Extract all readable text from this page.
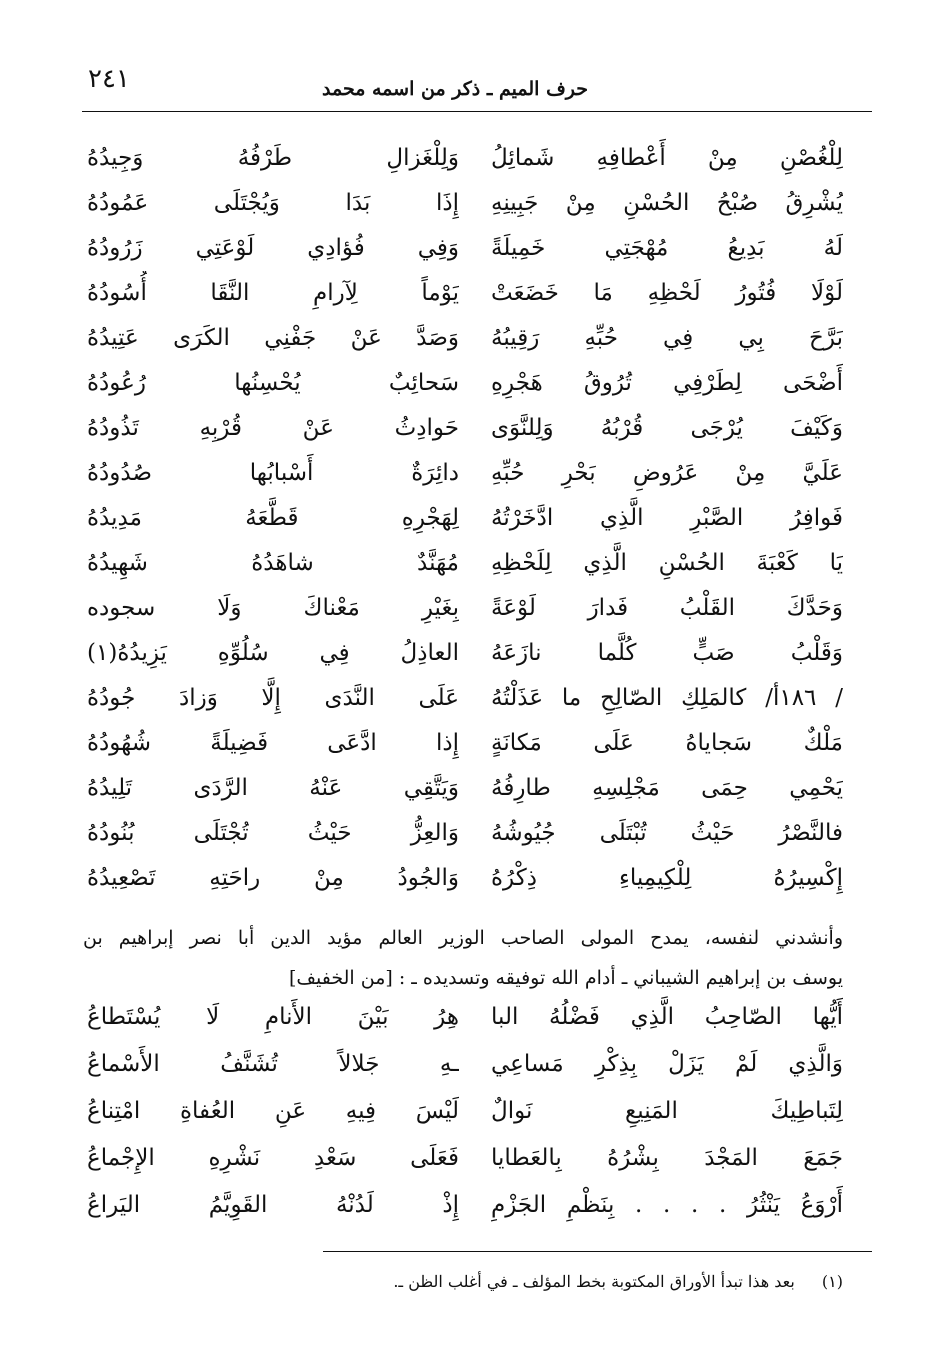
٢٤١	حرف الميم ـ ذكر من اسمه محمد
لِلْغُصْنِ مِنْ أَعْطافِهِ شَمائِلُ
وَلِلْغَزالِ طَرْفُهُ وَجِيدُهُ
يُشْرِقُ صُبْحُ الحُسْنِ مِنْ جَبِينِهِ
إِذَا بَدَا وَيُجْتَلَى عَمُودُهُ
لَهُ بَدِيعُ مُهْجَتِي خَمِيلَةً
وَفِي فُؤادِي لَوْعَتِي زَرُودُهُ
لَوْلَا فُتُورُ لَحْظِهِ مَا خَضَعَتْ
يَوْماً لِآرامِ النَّقَا أُسُودُهُ
بَرَّحَ بِي فِي حُبِّهِ رَقِيبُهُ
وَصَدَّ عَنْ جَفْنِي الكَرَى عَتِيدُهُ
أَضْحَى لِطَرْفِي تُرُوقُ هَجْرِهِ
سَحائِبٌ يُحْسِنُها رُعُودُهُ
وَكَيْفَ يُرْجَى قُرْبُهُ وَلِلنَّوَى
حَوادِثُ عَنْ قُرْبِهِ تَذُودُهُ
عَلَيَّ مِنْ عَرُوضِ بَحْرِ حُبِّهِ
دائِرَةٌ أَسْبابُها صُدُودُهُ
فَوافِرُ الصَّبْرِ الَّذِي ادَّخَرْتُهُ
لِهَجْرِهِ قَطَّعَهُ مَدِيدُهُ
يَا كَعْبَةَ الحُسْنِ الَّذِي لِلَحْظِهِ
مُهَنَّدٌ شاهَدُهُ شَهِيدُهُ
وَحَدَّكَ القَلْبُ فَدارَ لَوْعَةً
بِغَيْرِ مَعْناكَ وَلَا سجوده
وَقَلْبُ صَبٍّ كُلَّما نازَعَهُ
العاذِلُ فِي سُلُوِّهِ يَزِيدُهُ(١)
/ ١٨٦أ/ كالمَلِكِ الصّالِحِ ما عَذَلْتُهُ
عَلَى النَّدَى إِلَّا وَزادَ جُودُهُ
مَلْكٌ سَجاياهُ عَلَى مَكانَةٍ
إِذا ادَّعَى فَضِيلَةً شُهُودُهُ
يَحْمِي حِمَى مَجْلِسِهِ طارِفُهُ
وَيَتَّقِي عَنْهُ الرَّدَى تَلِيدُهُ
فالنَّصْرُ حَيْثُ تُبْتَلَى جُيُوشُهُ
وَالعِزُّ حَيْثُ تُجْتَلَى بُنُودُهُ
إِكْسِيرُهُ لِلْكِيمِياءِ ذِكْرُهُ
وَالجُودُ مِنْ راحَتِهِ تَصْعِيدُهُ
وأنشدني لنفسه، يمدح المولى الصاحب الوزير العالم مؤيد الدين أبا نصر إبراهيم بن
يوسف بن إبراهيم الشيباني ـ أدام الله توفيقه وتسديده ـ : [من الخفيف]
أَيُّها الصّاحِبُ الَّذِي فَضْلُهُ البا
هِرُ بَيْنَ الأَنامِ لَا يُسْتَطاعُ
وَالَّذِي لَمْ يَزَلْ بِذِكْرِ مَساعِي
ـهِ جَلالاً تُشَنَّفُ الأَسْماعُ
لِتَباطِيكَ المَنِيعِ نَوالٌ
لَيْسَ فِيهِ عَنِ العُفاةِ امْتِناعُ
جَمَعَ المَجْدَ بِشْرُهُ بِالعَطايا
فَعَلَى سَعْدِ نَشْرِهِ الإِجْماعُ
أَرْوَعُ يَنْثُرُ . . . . بِنَظْمِ الجَزْمِ
إِذْ لَدُنْهُ القَوِيَّمُ اليَراعُ
(١) بعد هذا تبدأ الأوراق المكتوبة بخط المؤلف ـ في أغلب الظن ـ.
